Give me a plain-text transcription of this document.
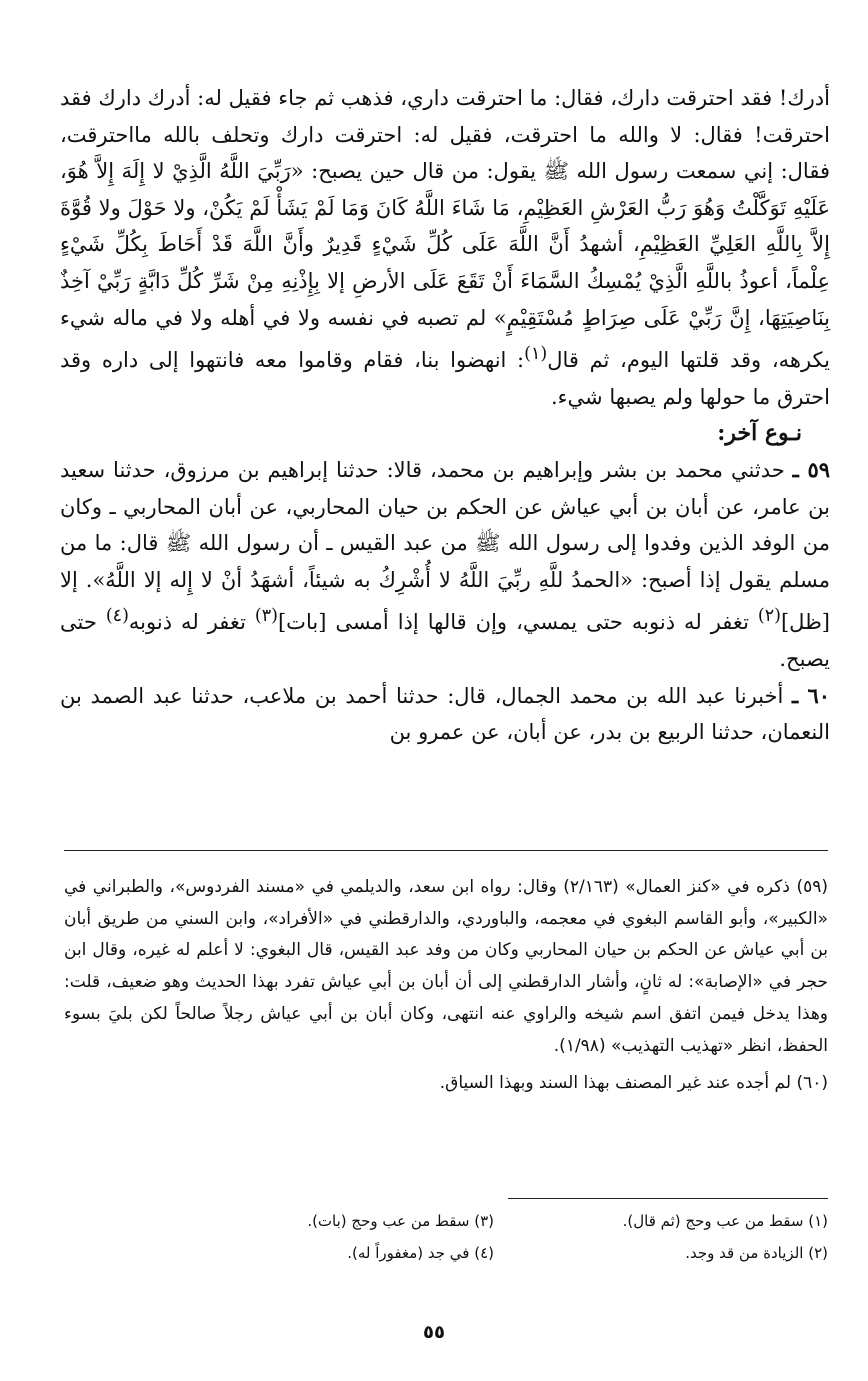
أدرك! فقد احترقت دارك، فقال: ما احترقت داري، فذهب ثم جاء فقيل له: أدرك دارك فقد احترقت! فقال: لا والله ما احترقت، فقيل له: احترقت دارك وتحلف بالله مااحترقت، فقال: إني سمعت رسول الله ﷺ يقول: من قال حين يصبح: «رَبِّيَ اللَّهُ الَّذِيْ لا إِلَهَ إِلاَّ هُوَ، عَلَيْهِ تَوَكَّلْتُ وَهُوَ رَبُّ العَرْشِ العَظِيْمِ، مَا شَاءَ اللَّهُ كَانَ وَمَا لَمْ يَشَأْ لَمْ يَكُنْ، ولا حَوْلَ ولا قُوَّةَ إِلاَّ بِاللَّهِ العَلِيِّ العَظِيْمِ، أشهدُ أَنَّ اللَّهَ عَلَى كُلِّ شَيْءٍ قَدِيرٌ وأَنَّ اللَّهَ قَدْ أَحَاطَ بِكُلِّ شَيْءٍ عِلْماً، أعوذُ باللَّهِ الَّذِيْ يُمْسِكُ السَّمَاءَ أَنْ تَقَعَ عَلَى الأرضِ إلا بِإِذْنِهِ مِنْ شَرِّ كُلِّ دَابَّةٍ رَبِّيْ آخِذٌ بِنَاصِيَتِهَا، إِنَّ رَبِّيْ عَلَى صِرَاطٍ مُسْتَقِيْمٍ» لم تصبه في نفسه ولا في أهله ولا في ماله شيء يكرهه، وقد قلتها اليوم، ثم قال$^{(١)}$: انهضوا بنا، فقام وقاموا معه فانتهوا إلى داره وقد احترق ما حولها ولم يصبها شيء.

نـوع آخر:

٥٩ ـ حدثني محمد بن بشر وإبراهيم بن محمد، قالا: حدثنا إبراهيم بن مرزوق، حدثنا سعيد بن عامر، عن أبان بن أبي عياش عن الحكم بن حيان المحاربي، عن أبان المحاربي ـ وكان من الوفد الذين وفدوا إلى رسول الله ﷺ من عبد القيس ـ أن رسول الله ﷺ قال: ما من مسلم يقول إذا أصبح: «الحمدُ للَّهِ ربِّيَ اللَّهُ لا أُشْرِكُ به شيئاً، أشهَدُ أنْ لا إِله إلا اللَّهُ». إلا [ظل]$^{(٢)}$ تغفر له ذنوبه حتى يمسي، وإن قالها إذا أمسى [بات]$^{(٣)}$ تغفر له ذنوبه$^{(٤)}$ حتى يصبح.

٦٠ ـ أخبرنا عبد الله بن محمد الجمال، قال: حدثنا أحمد بن ملاعب، حدثنا عبد الصمد بن النعمان، حدثنا الربيع بن بدر، عن أبان، عن عمرو بن

(٥٩) ذكره في «كنز العمال» (٢/١٦٣) وقال: رواه ابن سعد، والديلمي في «مسند الفردوس»، والطبراني في «الكبير»، وأبو القاسم البغوي في معجمه، والباوردي، والدارقطني في «الأفراد»، وابن السني من طريق أبان بن أبي عياش عن الحكم بن حيان المحاربي وكان من وفد عبد القيس، قال البغوي: لا أعلم له غيره، وقال ابن حجر في «الإصابة»: له ثانٍ، وأشار الدارقطني إلى أن أبان بن أبي عياش تفرد بهذا الحديث وهو ضعيف، قلت: وهذا يدخل فيمن اتفق اسم شيخه والراوي عنه انتهى، وكان أبان بن أبي عياش رجلاً صالحاً لكن بليَ بسوء الحفظ، انظر «تهذيب التهذيب» (١/٩٨).

(٦٠) لم أجده عند غير المصنف بهذا السند وبهذا السياق.

(١) سقط من عب وحج (ثم قال).
(٣) سقط من عب وحج (بات).
(٢) الزيادة من قد وجد.
(٤) في جد (مغفوراً له).
٥٥
